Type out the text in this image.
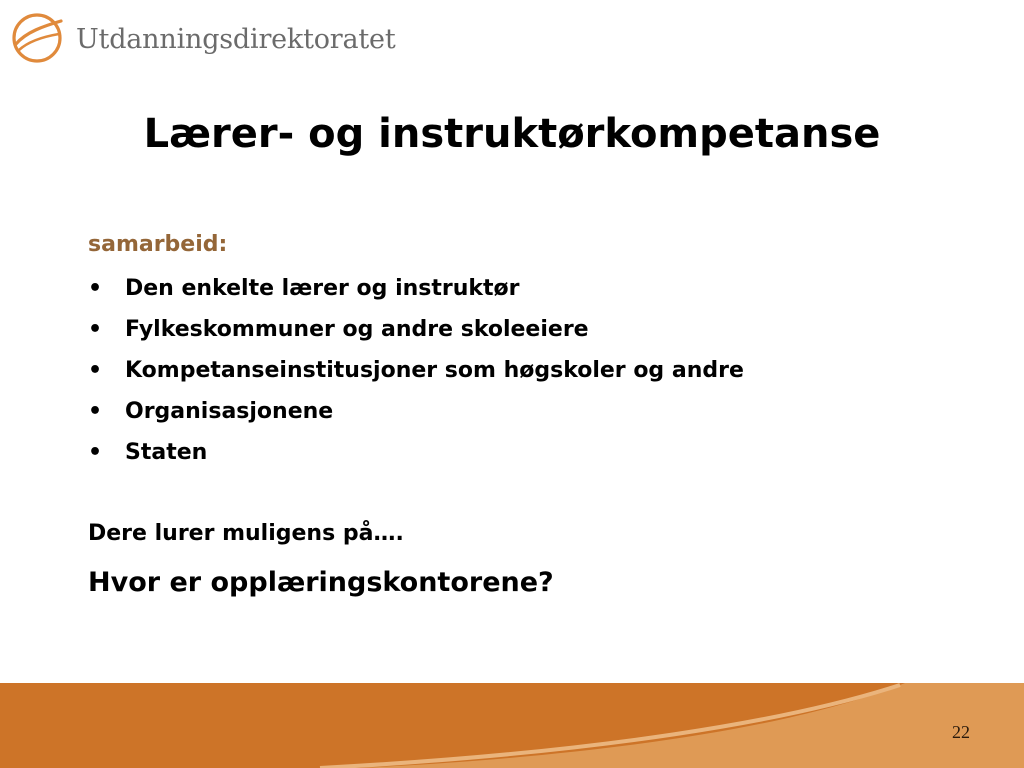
Utdanningsdirektoratet
Lærer- og instruktørkompetanse

samarbeid:

• Den enkelte lærer og instruktør
• Fylkeskommuner og andre skoleeiere
• Kompetanseinstitusjoner som høgskoler og andre
• Organisasjonene
• Staten

Dere lurer muligens på….

Hvor er opplæringskontorene?

22
